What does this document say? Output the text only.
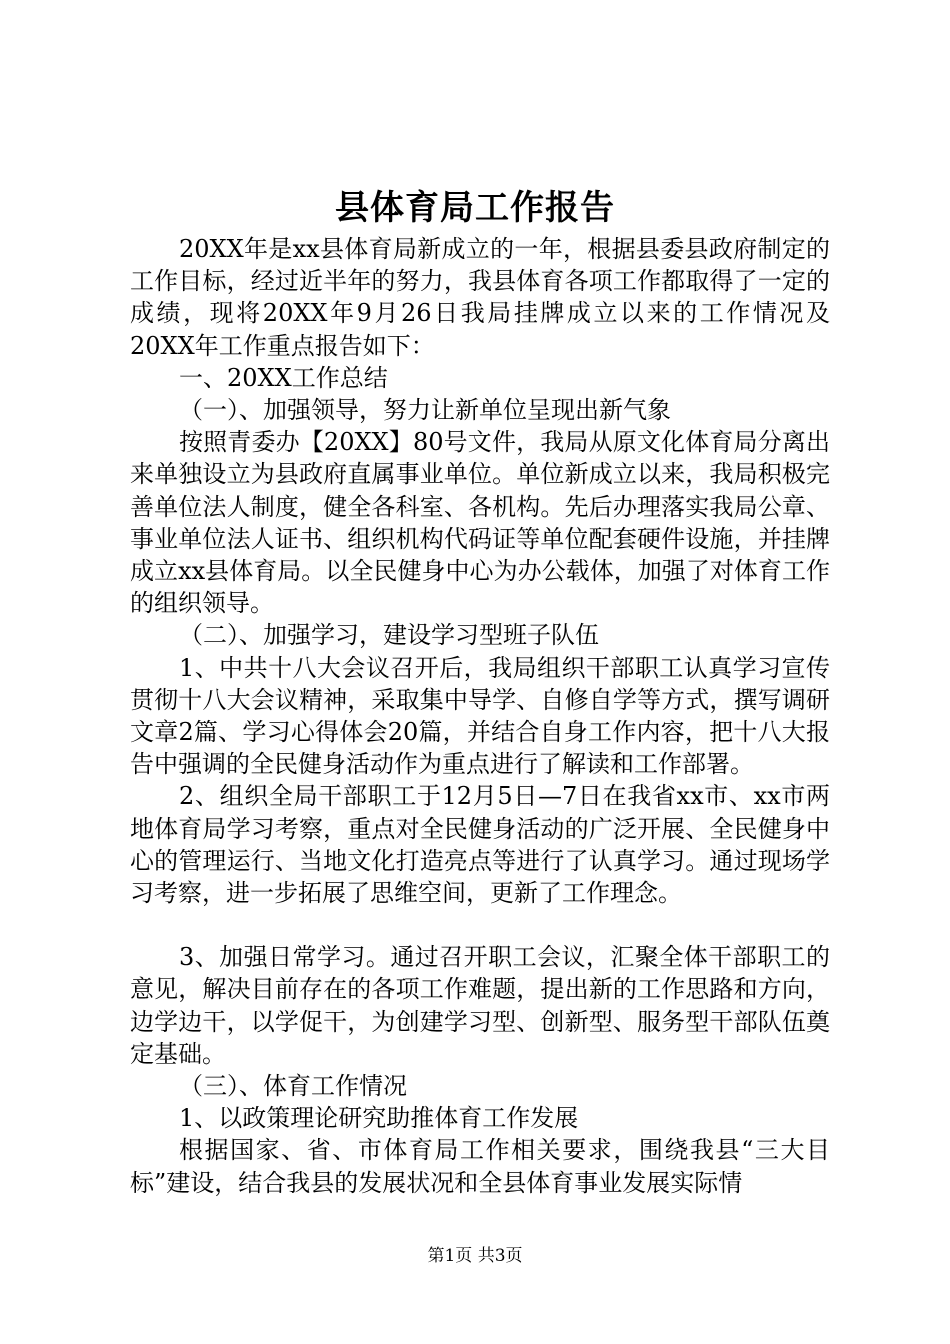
县体育局工作报告

20XX年是xx县体育局新成立的一年，根据县委县政府制定的工作目标，经过近半年的努力，我县体育各项工作都取得了一定的成绩，现将20XX年9月26日我局挂牌成立以来的工作情况及20XX年工作重点报告如下：

一、20XX工作总结

（一）、加强领导，努力让新单位呈现出新气象

按照青委办【20XX】80号文件，我局从原文化体育局分离出来单独设立为县政府直属事业单位。单位新成立以来，我局积极完善单位法人制度，健全各科室、各机构。先后办理落实我局公章、事业单位法人证书、组织机构代码证等单位配套硬件设施，并挂牌成立xx县体育局。以全民健身中心为办公载体，加强了对体育工作的组织领导。

（二）、加强学习，建设学习型班子队伍

1、中共十八大会议召开后，我局组织干部职工认真学习宣传贯彻十八大会议精神，采取集中导学、自修自学等方式，撰写调研文章2篇、学习心得体会20篇，并结合自身工作内容，把十八大报告中强调的全民健身活动作为重点进行了解读和工作部署。

2、组织全局干部职工于12月5日—7日在我省xx市、xx市两地体育局学习考察，重点对全民健身活动的广泛开展、全民健身中心的管理运行、当地文化打造亮点等进行了认真学习。通过现场学习考察，进一步拓展了思维空间，更新了工作理念。

3、加强日常学习。通过召开职工会议，汇聚全体干部职工的意见，解决目前存在的各项工作难题，提出新的工作思路和方向，边学边干，以学促干，为创建学习型、创新型、服务型干部队伍奠定基础。

（三）、体育工作情况

1、以政策理论研究助推体育工作发展

根据国家、省、市体育局工作相关要求，围绕我县“三大目标”建设，结合我县的发展状况和全县体育事业发展实际情

第1页 共3页
